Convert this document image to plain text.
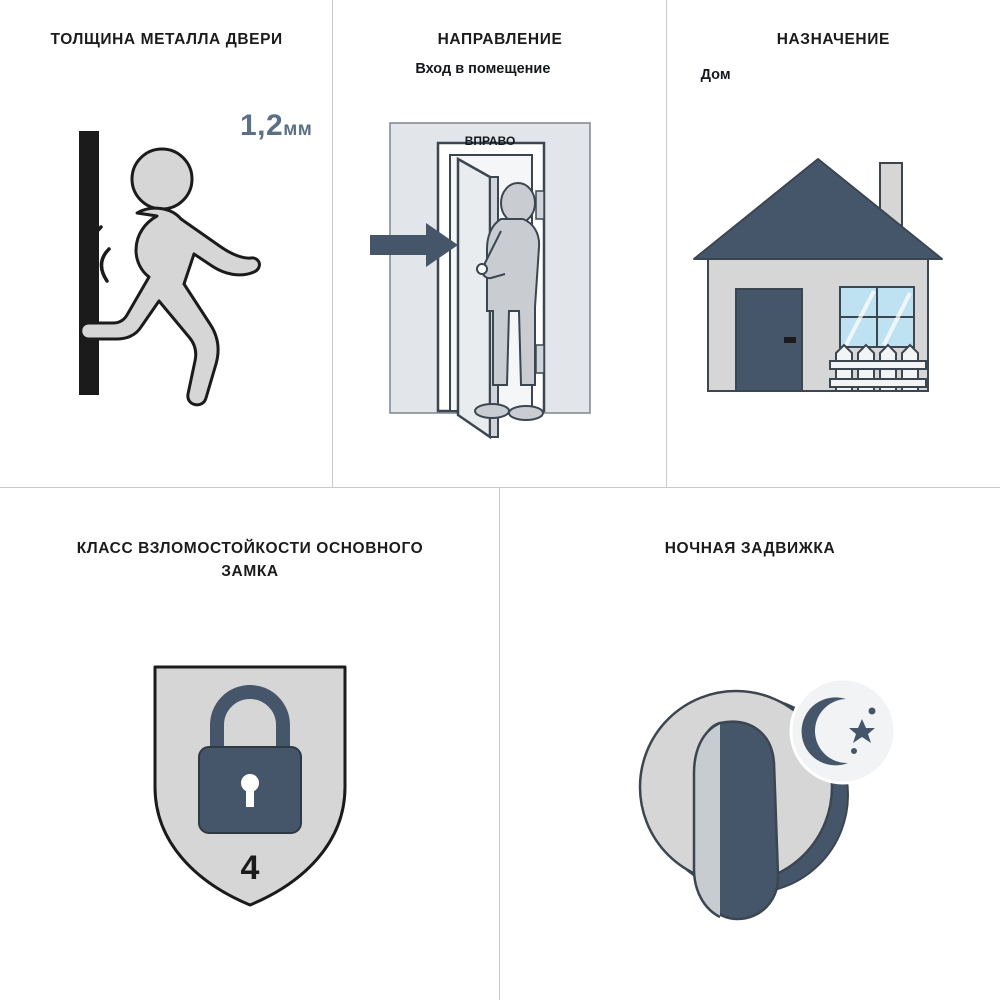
ТОЛЩИНА МЕТАЛЛА ДВЕРИ
1,2мм
НАПРАВЛЕНИЕ
Вход в помещение
ВПРАВО
НАЗНАЧЕНИЕ
Дом
КЛАСС ВЗЛОМОСТОЙКОСТИ ОСНОВНОГО ЗАМКА
4
НОЧНАЯ ЗАДВИЖКА
